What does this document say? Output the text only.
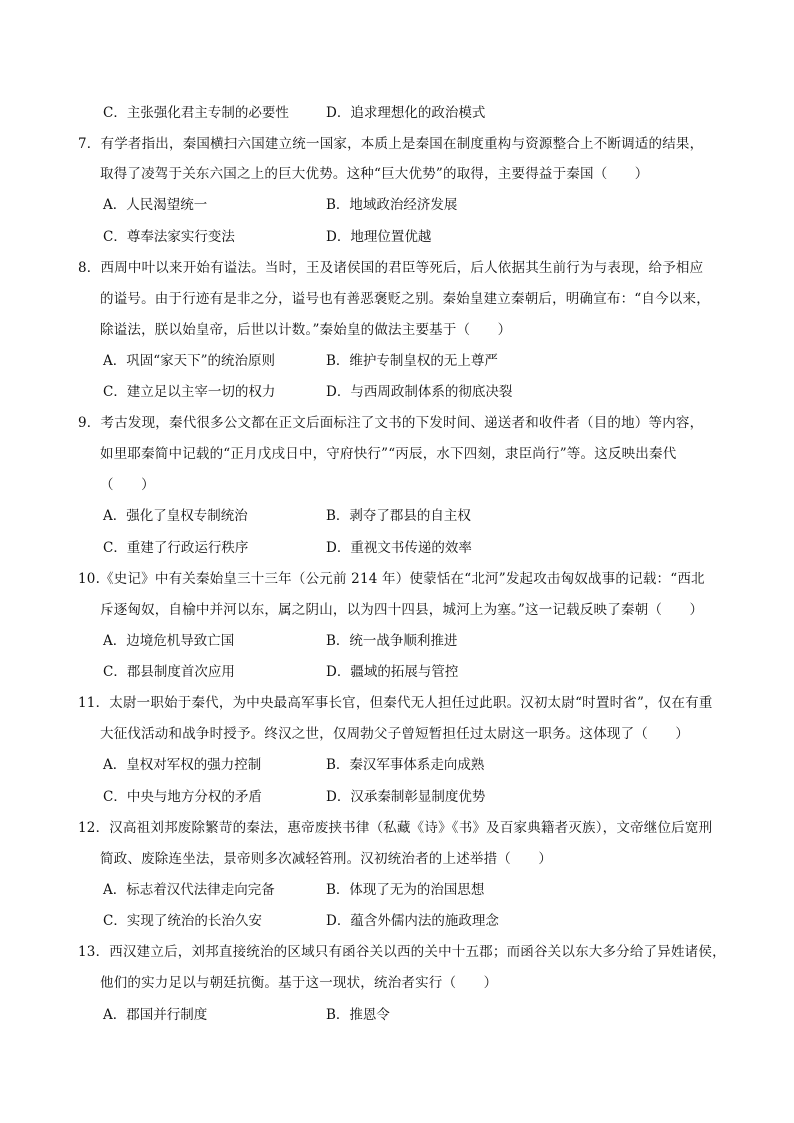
C．主张强化君主专制的必要性	D．追求理想化的政治模式
7．有学者指出，秦国横扫六国建立统一国家，本质上是秦国在制度重构与资源整合上不断调适的结果，
取得了凌驾于关东六国之上的巨大优势。这种“巨大优势”的取得，主要得益于秦国（　　）
A．人民渴望统一	B．地域政治经济发展
C．尊奉法家实行变法	D．地理位置优越
8．西周中叶以来开始有谥法。当时，王及诸侯国的君臣等死后，后人依据其生前行为与表现，给予相应
的谥号。由于行迹有是非之分，谥号也有善恶褒贬之别。秦始皇建立秦朝后，明确宣布：“自今以来，
除谥法，朕以始皇帝，后世以计数。”秦始皇的做法主要基于（　　）
A．巩固“家天下”的统治原则	B．维护专制皇权的无上尊严
C．建立足以主宰一切的权力	D．与西周政制体系的彻底决裂
9．考古发现，秦代很多公文都在正文后面标注了文书的下发时间、递送者和收件者（目的地）等内容，
如里耶秦简中记载的“正月戊戌日中，守府快行”“丙辰，水下四刻，隶臣尚行”等。这反映出秦代
（　　）
A．强化了皇权专制统治	B．剥夺了郡县的自主权
C．重建了行政运行秩序	D．重视文书传递的效率
10.《史记》中有关秦始皇三十三年（公元前 214 年）使蒙恬在“北河”发起攻击匈奴战事的记载：“西北
斥逐匈奴，自榆中并河以东，属之阴山，以为四十四县，城河上为塞。”这一记载反映了秦朝（　　）
A．边境危机导致亡国	B．统一战争顺利推进
C．郡县制度首次应用	D．疆域的拓展与管控
11．太尉一职始于秦代，为中央最高军事长官，但秦代无人担任过此职。汉初太尉“时置时省”，仅在有重
大征伐活动和战争时授予。终汉之世，仅周勃父子曾短暂担任过太尉这一职务。这体现了（　　）
A．皇权对军权的强力控制	B．秦汉军事体系走向成熟
C．中央与地方分权的矛盾	D．汉承秦制彰显制度优势
12．汉高祖刘邦废除繁苛的秦法，惠帝废挟书律（私藏《诗》《书》及百家典籍者灭族），文帝继位后宽刑
简政、废除连坐法，景帝则多次减轻笞刑。汉初统治者的上述举措（　　）
A．标志着汉代法律走向完备	B．体现了无为的治国思想
C．实现了统治的长治久安	D．蕴含外儒内法的施政理念
13．西汉建立后，刘邦直接统治的区域只有函谷关以西的关中十五郡；而函谷关以东大多分给了异姓诸侯，
他们的实力足以与朝廷抗衡。基于这一现状，统治者实行（　　）
A．郡国并行制度	B．推恩令
